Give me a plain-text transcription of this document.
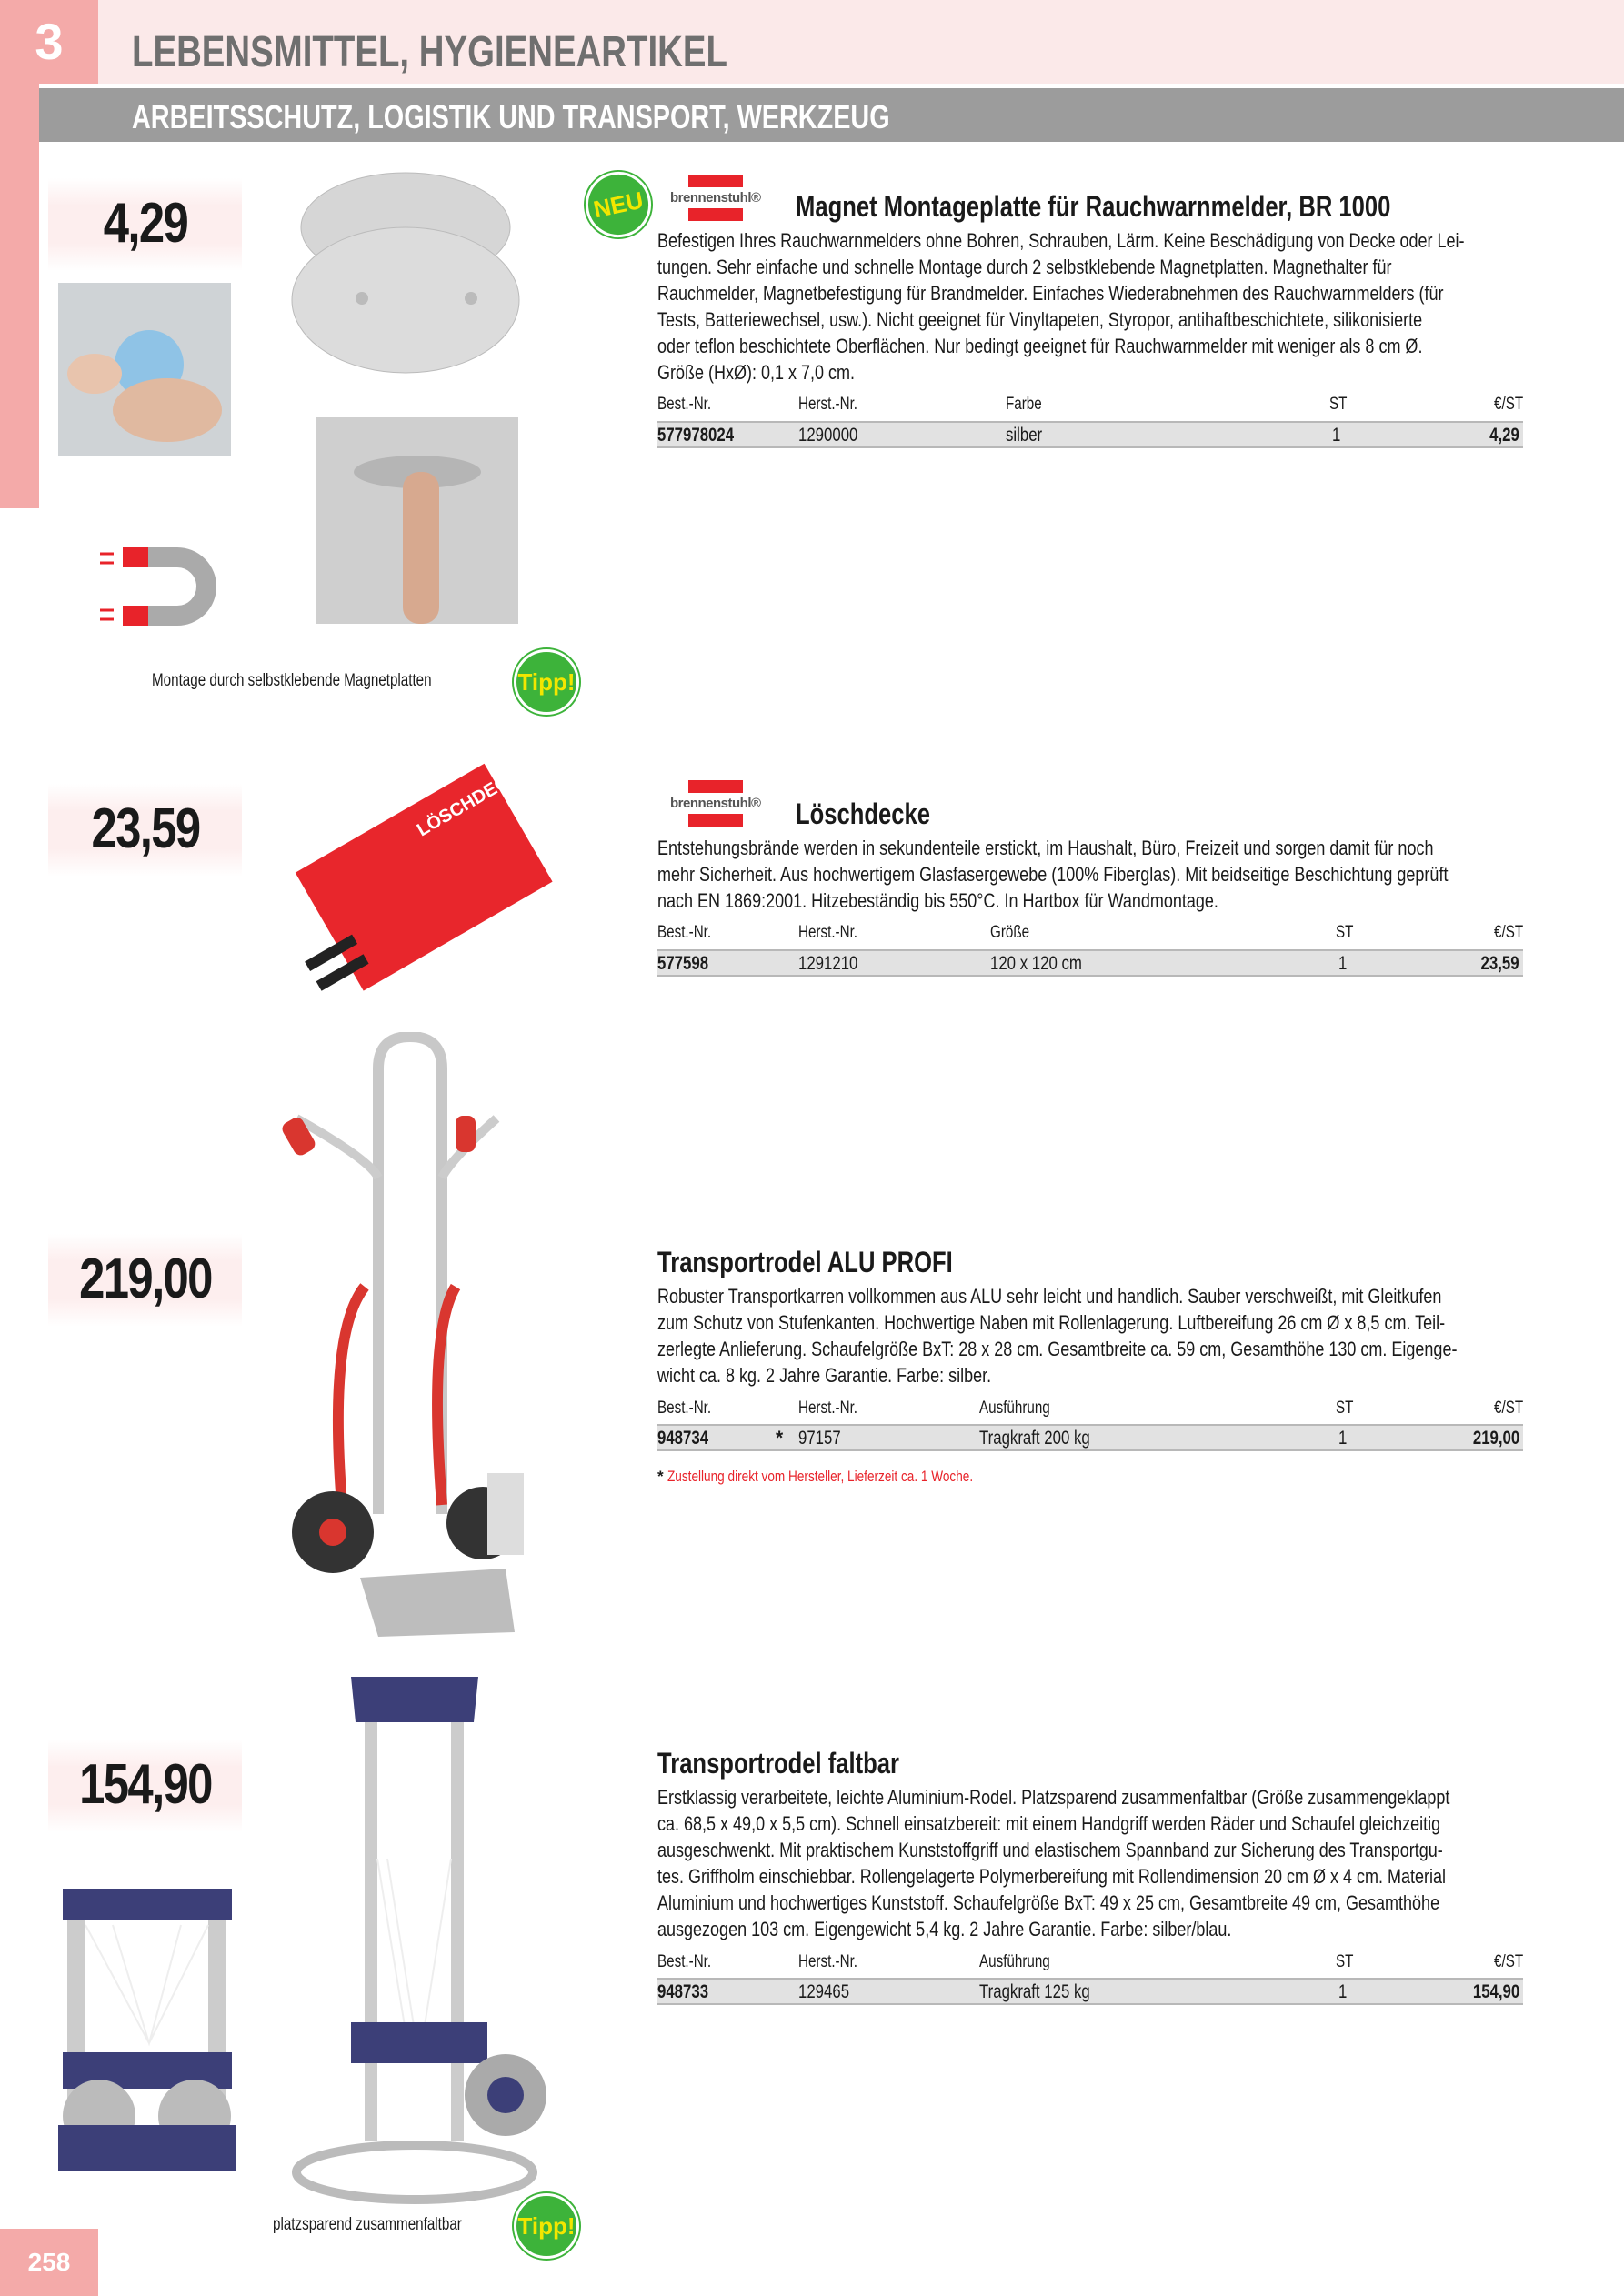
3	LEBENSMITTEL, HYGIENEARTIKEL
ARBEITSSCHUTZ, LOGISTIK UND TRANSPORT, WERKZEUG
4,29
23,59
219,00
154,90
Montage durch selbstklebende Magnetplatten	Tipp!
NEU	brennenstuhl®	Magnet Montageplatte für Rauchwarnmelder, BR 1000
Befestigen Ihres Rauchwarnmelders ohne Bohren, Schrauben, Lärm. Keine Beschädigung von Decke oder Lei-
tungen. Sehr einfache und schnelle Montage durch 2 selbstklebende Magnetplatten. Magnethalter für
Rauchmelder, Magnetbefestigung für Brandmelder. Einfaches Wiederabnehmen des Rauchwarnmelders (für
Tests, Batteriewechsel, usw.). Nicht geeignet für Vinyltapeten, Styropor, antihaftbeschichtete, silikonisierte
oder teflon beschichtete Oberflächen. Nur bedingt geeignet für Rauchwarnmelder mit weniger als 8 cm Ø.
Größe (HxØ): 0,1 x 7,0 cm.
Best.-Nr.	Herst.-Nr.	Farbe	ST	€/ST
577978024	1290000	silber	1	4,29
LÖSCHDECKE	brennenstuhl®	Löschdecke
Entstehungsbrände werden in sekundenteile erstickt, im Haushalt, Büro, Freizeit und sorgen damit für noch
mehr Sicherheit. Aus hochwertigem Glasfasergewebe (100% Fiberglas). Mit beidseitige Beschichtung geprüft
nach EN 1869:2001. Hitzebeständig bis 550°C. In Hartbox für Wandmontage.
Best.-Nr.	Herst.-Nr.	Größe	ST	€/ST
577598	1291210	120 x 120 cm	1	23,59
Transportrodel ALU PROFI
Robuster Transportkarren vollkommen aus ALU sehr leicht und handlich. Sauber verschweißt, mit Gleitkufen
zum Schutz von Stufenkanten. Hochwertige Naben mit Rollenlagerung. Luftbereifung 26 cm Ø x 8,5 cm. Teil-
zerlegte Anlieferung. Schaufelgröße BxT: 28 x 28 cm. Gesamtbreite ca. 59 cm, Gesamthöhe 130 cm. Eigenge-
wicht ca. 8 kg. 2 Jahre Garantie. Farbe: silber.
Best.-Nr.	Herst.-Nr.	Ausführung	ST	€/ST
948734	* 97157	Tragkraft 200 kg	1	219,00
* Zustellung direkt vom Hersteller, Lieferzeit ca. 1 Woche.
platzsparend zusammenfaltbar Tipp!
Transportrodel faltbar
Erstklassig verarbeitete, leichte Aluminium-Rodel. Platzsparend zusammenfaltbar (Größe zusammengeklappt
ca. 68,5 x 49,0 x 5,5 cm). Schnell einsatzbereit: mit einem Handgriff werden Räder und Schaufel gleichzeitig
ausgeschwenkt. Mit praktischem Kunststoffgriff und elastischem Spannband zur Sicherung des Transportgu-
tes. Griffholm einschiebbar. Rollengelagerte Polymerbereifung mit Rollendimension 20 cm Ø x 4 cm. Material
Aluminium und hochwertiges Kunststoff. Schaufelgröße BxT: 49 x 25 cm, Gesamtbreite 49 cm, Gesamthöhe
ausgezogen 103 cm. Eigengewicht 5,4 kg. 2 Jahre Garantie. Farbe: silber/blau.
Best.-Nr.	Herst.-Nr.	Ausführung	ST	€/ST
948733	129465	Tragkraft 125 kg	1	154,90
258
